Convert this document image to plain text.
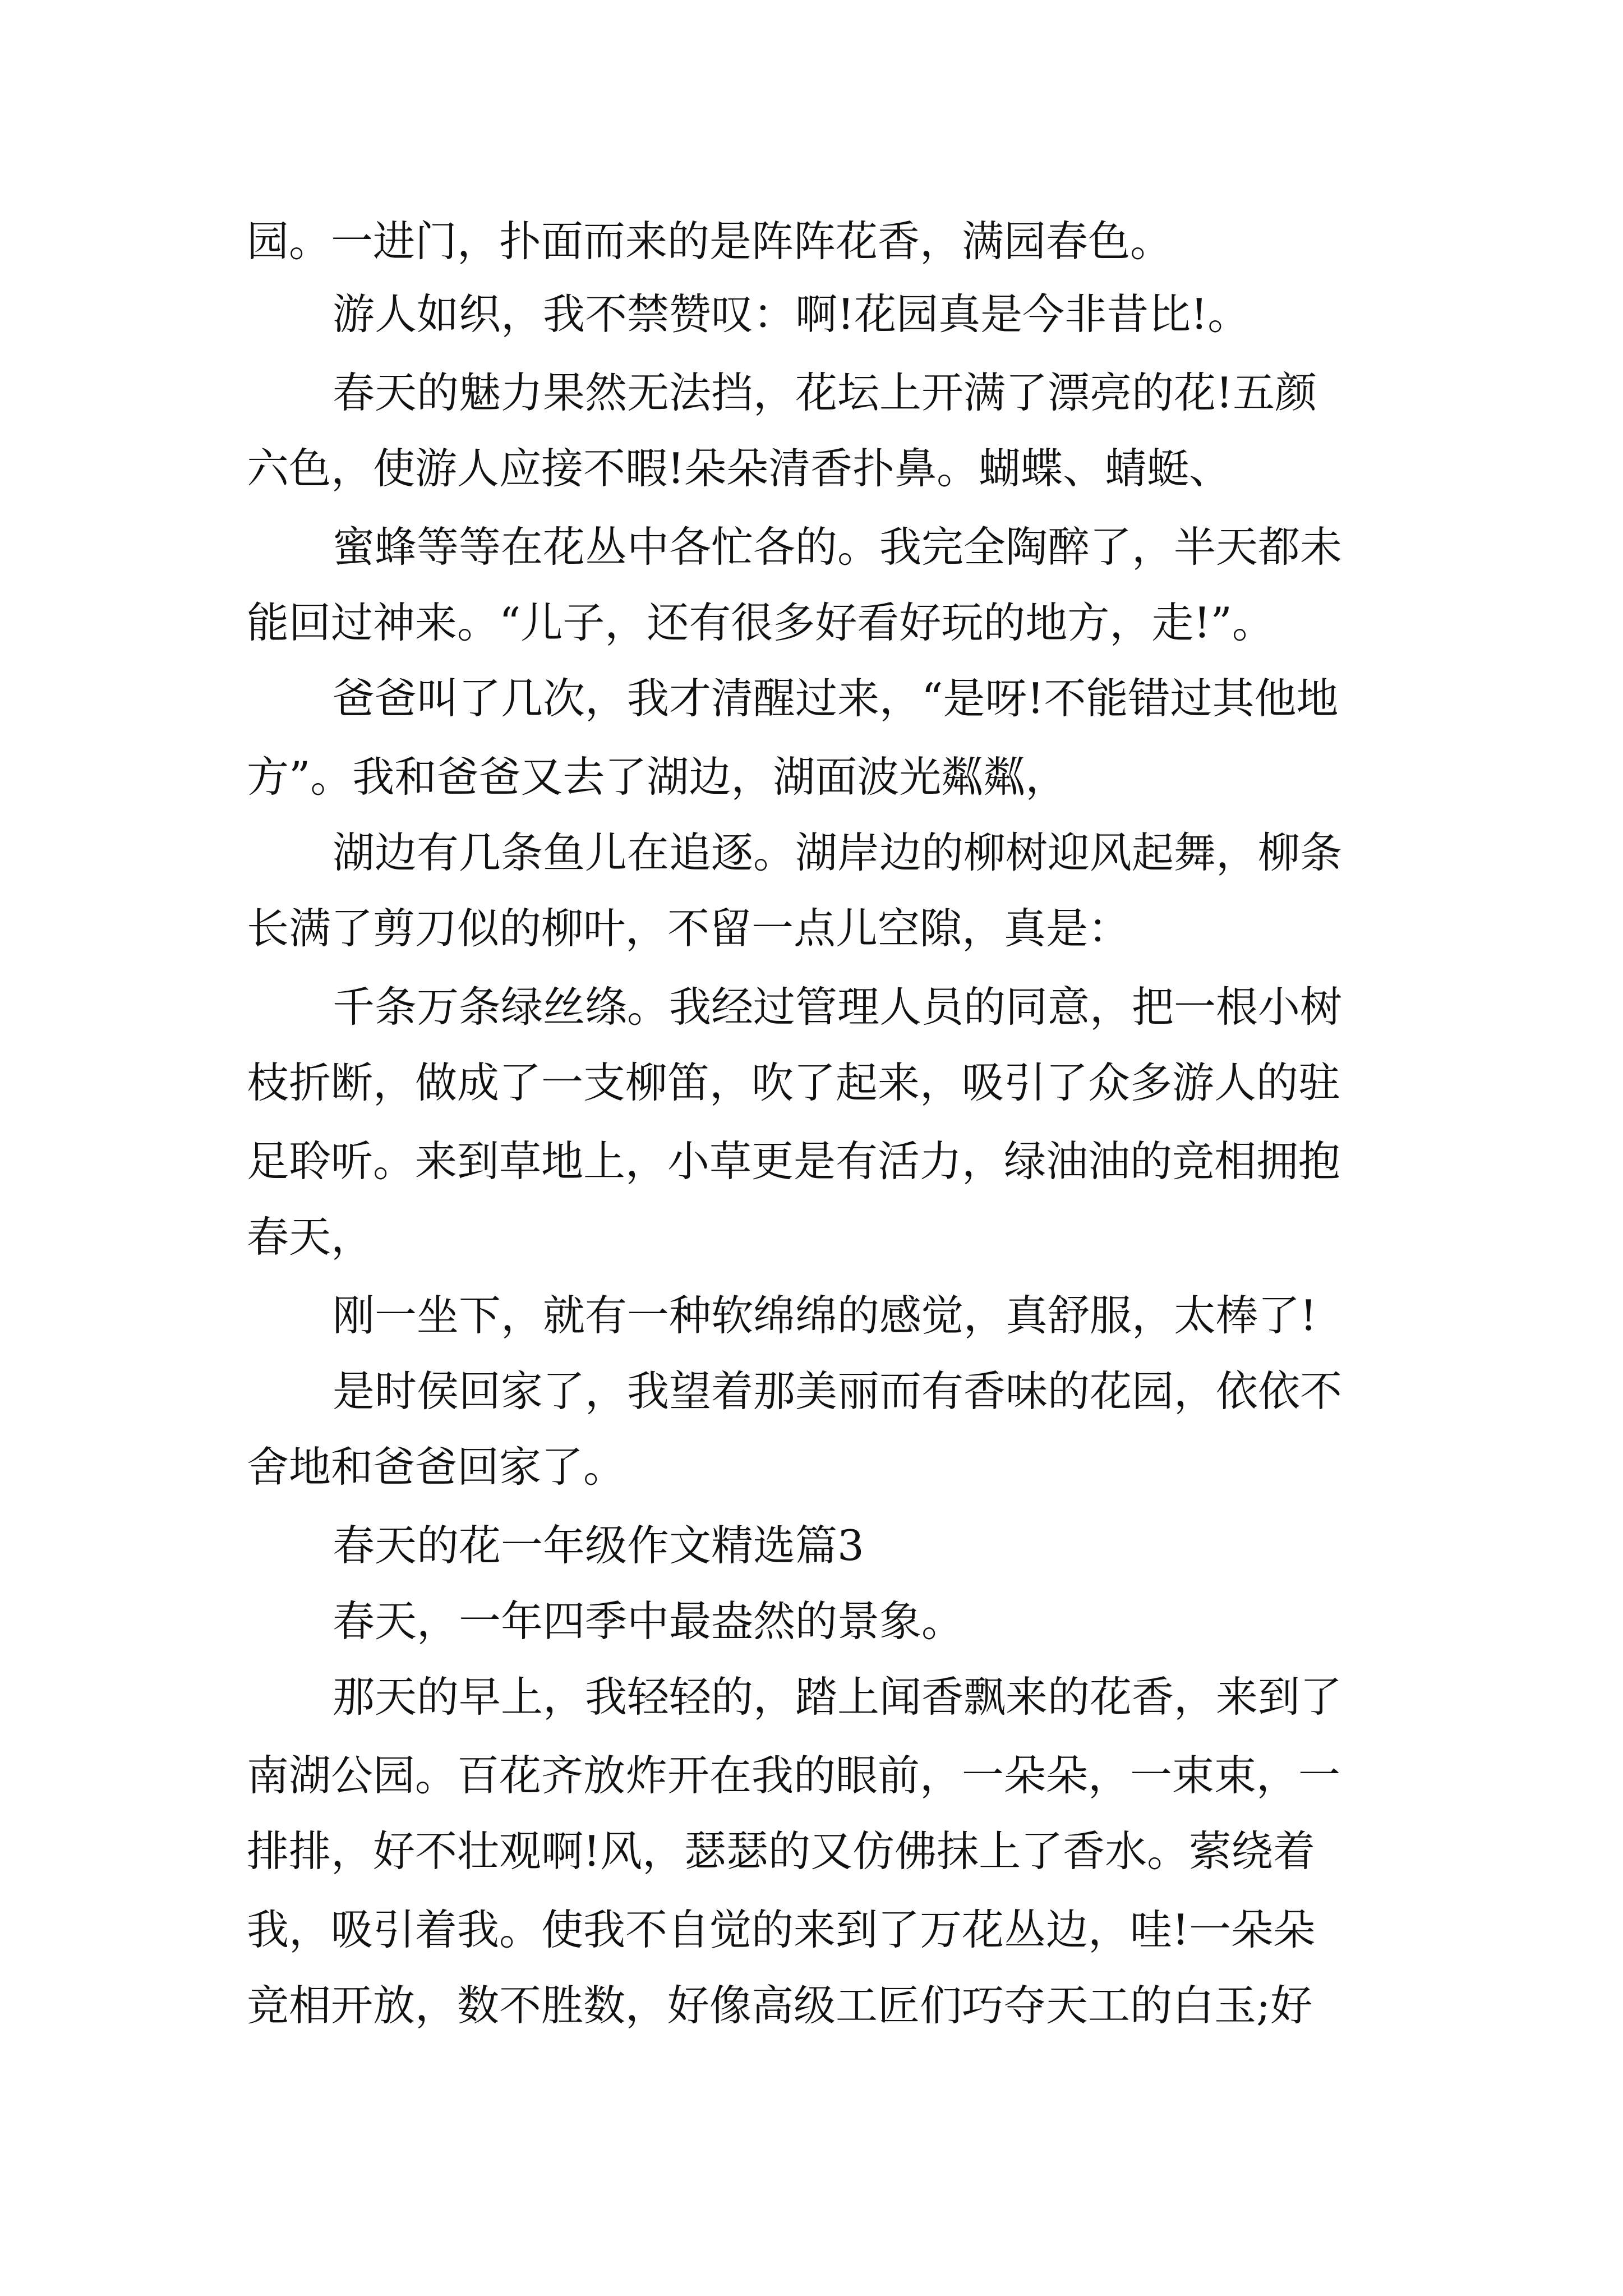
园。一进门，扑面而来的是阵阵花香，满园春色。
游人如织，我不禁赞叹：啊!花园真是今非昔比!。
春天的魅力果然无法挡，花坛上开满了漂亮的花!五颜
六色，使游人应接不暇!朵朵清香扑鼻。蝴蝶、蜻蜓、
蜜蜂等等在花丛中各忙各的。我完全陶醉了，半天都未
能回过神来。“儿子，还有很多好看好玩的地方，走!”。
爸爸叫了几次，我才清醒过来，“是呀!不能错过其他地
方”。我和爸爸又去了湖边，湖面波光粼粼，
湖边有几条鱼儿在追逐。湖岸边的柳树迎风起舞，柳条
长满了剪刀似的柳叶，不留一点儿空隙，真是：
千条万条绿丝绦。我经过管理人员的同意，把一根小树
枝折断，做成了一支柳笛，吹了起来，吸引了众多游人的驻
足聆听。来到草地上，小草更是有活力，绿油油的竞相拥抱
春天，
刚一坐下，就有一种软绵绵的感觉，真舒服，太棒了!
是时侯回家了，我望着那美丽而有香味的花园，依依不
舍地和爸爸回家了。
春天的花一年级作文精选篇3
春天，一年四季中最盎然的景象。
那天的早上，我轻轻的，踏上闻香飘来的花香，来到了
南湖公园。百花齐放炸开在我的眼前，一朵朵，一束束，一
排排，好不壮观啊!风，瑟瑟的又仿佛抹上了香水。萦绕着
我，吸引着我。使我不自觉的来到了万花丛边，哇!一朵朵
竞相开放，数不胜数，好像高级工匠们巧夺天工的白玉;好
